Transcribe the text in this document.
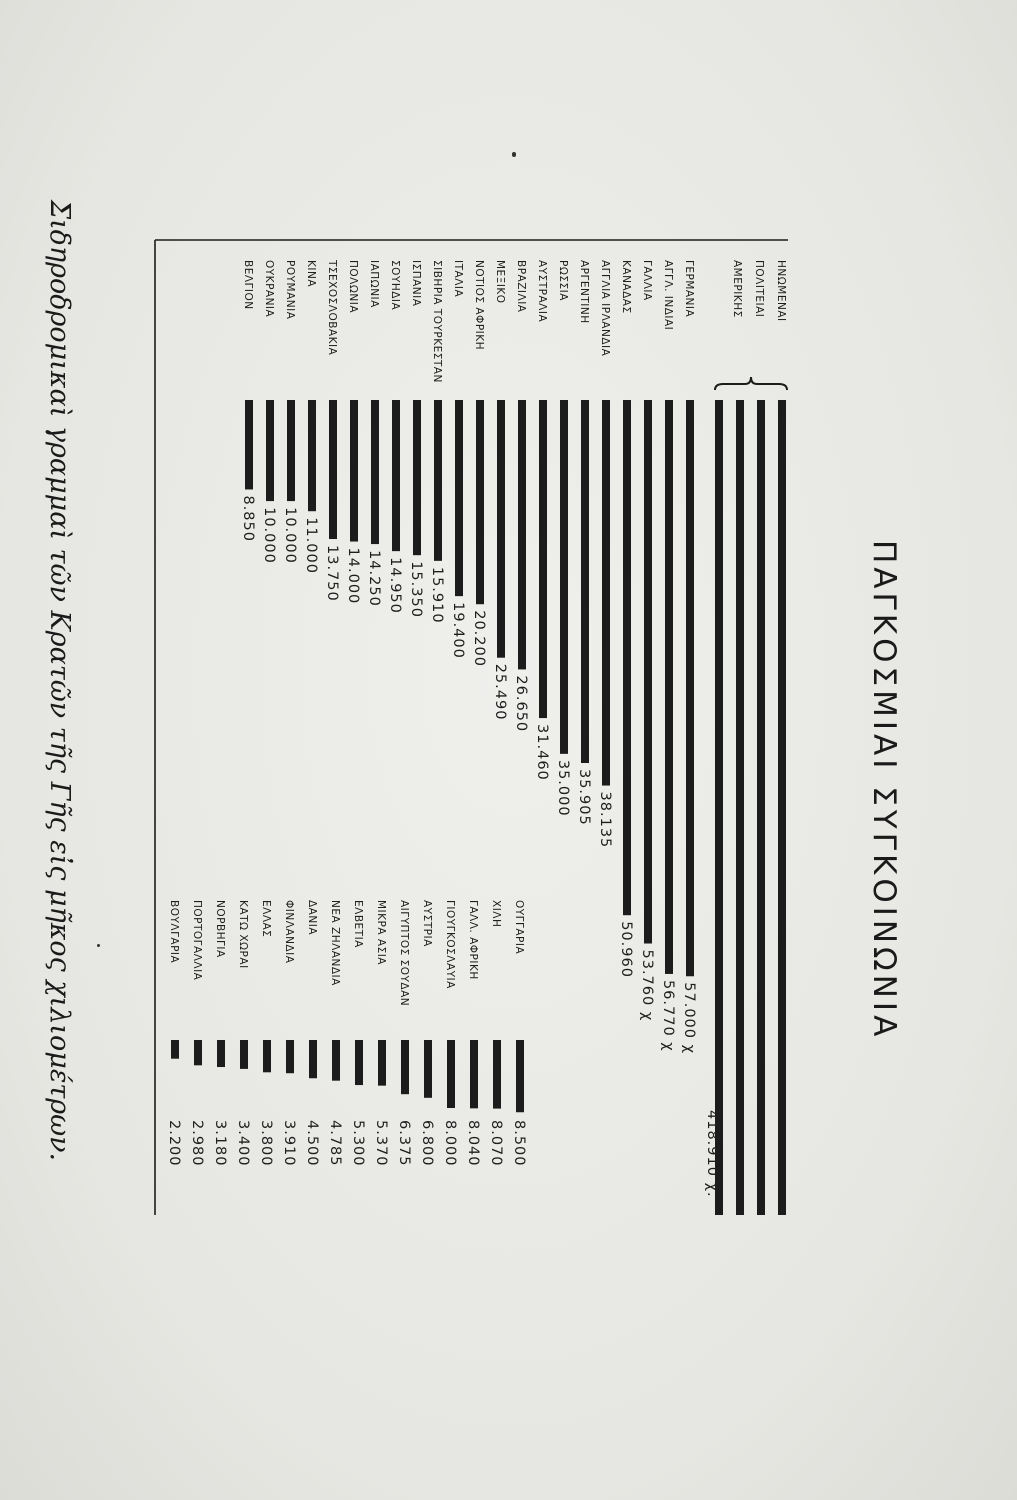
ΗΝΩΜΕΝΑΙ
ΠΟΛΙΤΕΙΑΙ
ΑΜΕΡΙΚΗΣ
418.910 χ.
ΓΕΡΜΑΝΙΑ
57.000 χ
ΑΓΓΛ. ΙΝΔΙΑΙ
56.770 χ
ΓΑΛΛΙΑ
53.760 χ
ΚΑΝΑΔΑΣ
50.960
ΑΓΓΛΙΑ ΙΡΛΑΝΔΙΑ
38.135
ΑΡΓΕΝΤΙΝΗ
35.905
ΡΩΣΣΙΑ
35.000
ΑΥΣΤΡΑΛΙΑ
31.460
ΒΡΑΖΙΛΙΑ
26.650
ΜΕΞΙΚΟ
25.490
ΝΟΤΙΟΣ ΑΦΡΙΚΗ
20.200
ΙΤΑΛΙΑ
19.400
ΣΙΒΗΡΙΑ ΤΟΥΡΚΕΣΤΑΝ
15.910
ΙΣΠΑΝΙΑ
15.350
ΣΟΥΗΔΙΑ
14.950
ΙΑΠΩΝΙΑ
14.250
ΠΟΛΩΝΙΑ
14.000
ΤΣΕΧΟΣΛΟΒΑΚΙΑ
13.750
ΚΙΝΑ
11.000
ΡΟΥΜΑΝΙΑ
10.000
ΟΥΚΡΑΝΙΑ
10.000
ΒΕΛΓΙΟΝ
8.850
ΟΥΓΓΑΡΙΑ
8.500
ΧΙΛΗ
8.070
ΓΑΛΛ. ΑΦΡΙΚΗ
8.040
ΓΙΟΥΓΚΟΣΛΑΥΙΑ
8.000
ΑΥΣΤΡΙΑ
6.800
ΑΙΓΥΠΤΟΣ ΣΟΥΔΑΝ
6.375
ΜΙΚΡΑ ΑΣΙΑ
5.370
ΕΛΒΕΤΙΑ
5.300
ΝΕΑ ΖΗΛΑΝΔΙΑ
4.785
ΔΑΝΙΑ
4.500
ΦΙΝΛΑΝΔΙΑ
3.910
ΕΛΛΑΣ
3.800
ΚΑΤΩ ΧΩΡΑΙ
3.400
ΝΟΡΒΗΓΙΑ
3.180
ΠΟΡΤΟΓΑΛΛΙΑ
2.980
ΒΟΥΛΓΑΡΙΑ
2.200
ΠΑΓΚΟΣΜΙΑΙ ΣΥΓΚΟΙΝΩΝΙΑ

Σιδηροδρομικαὶ γραμμαὶ τῶν Κρατῶν τῆς Γῆς εἰς μῆκος χιλιομέτρων.
